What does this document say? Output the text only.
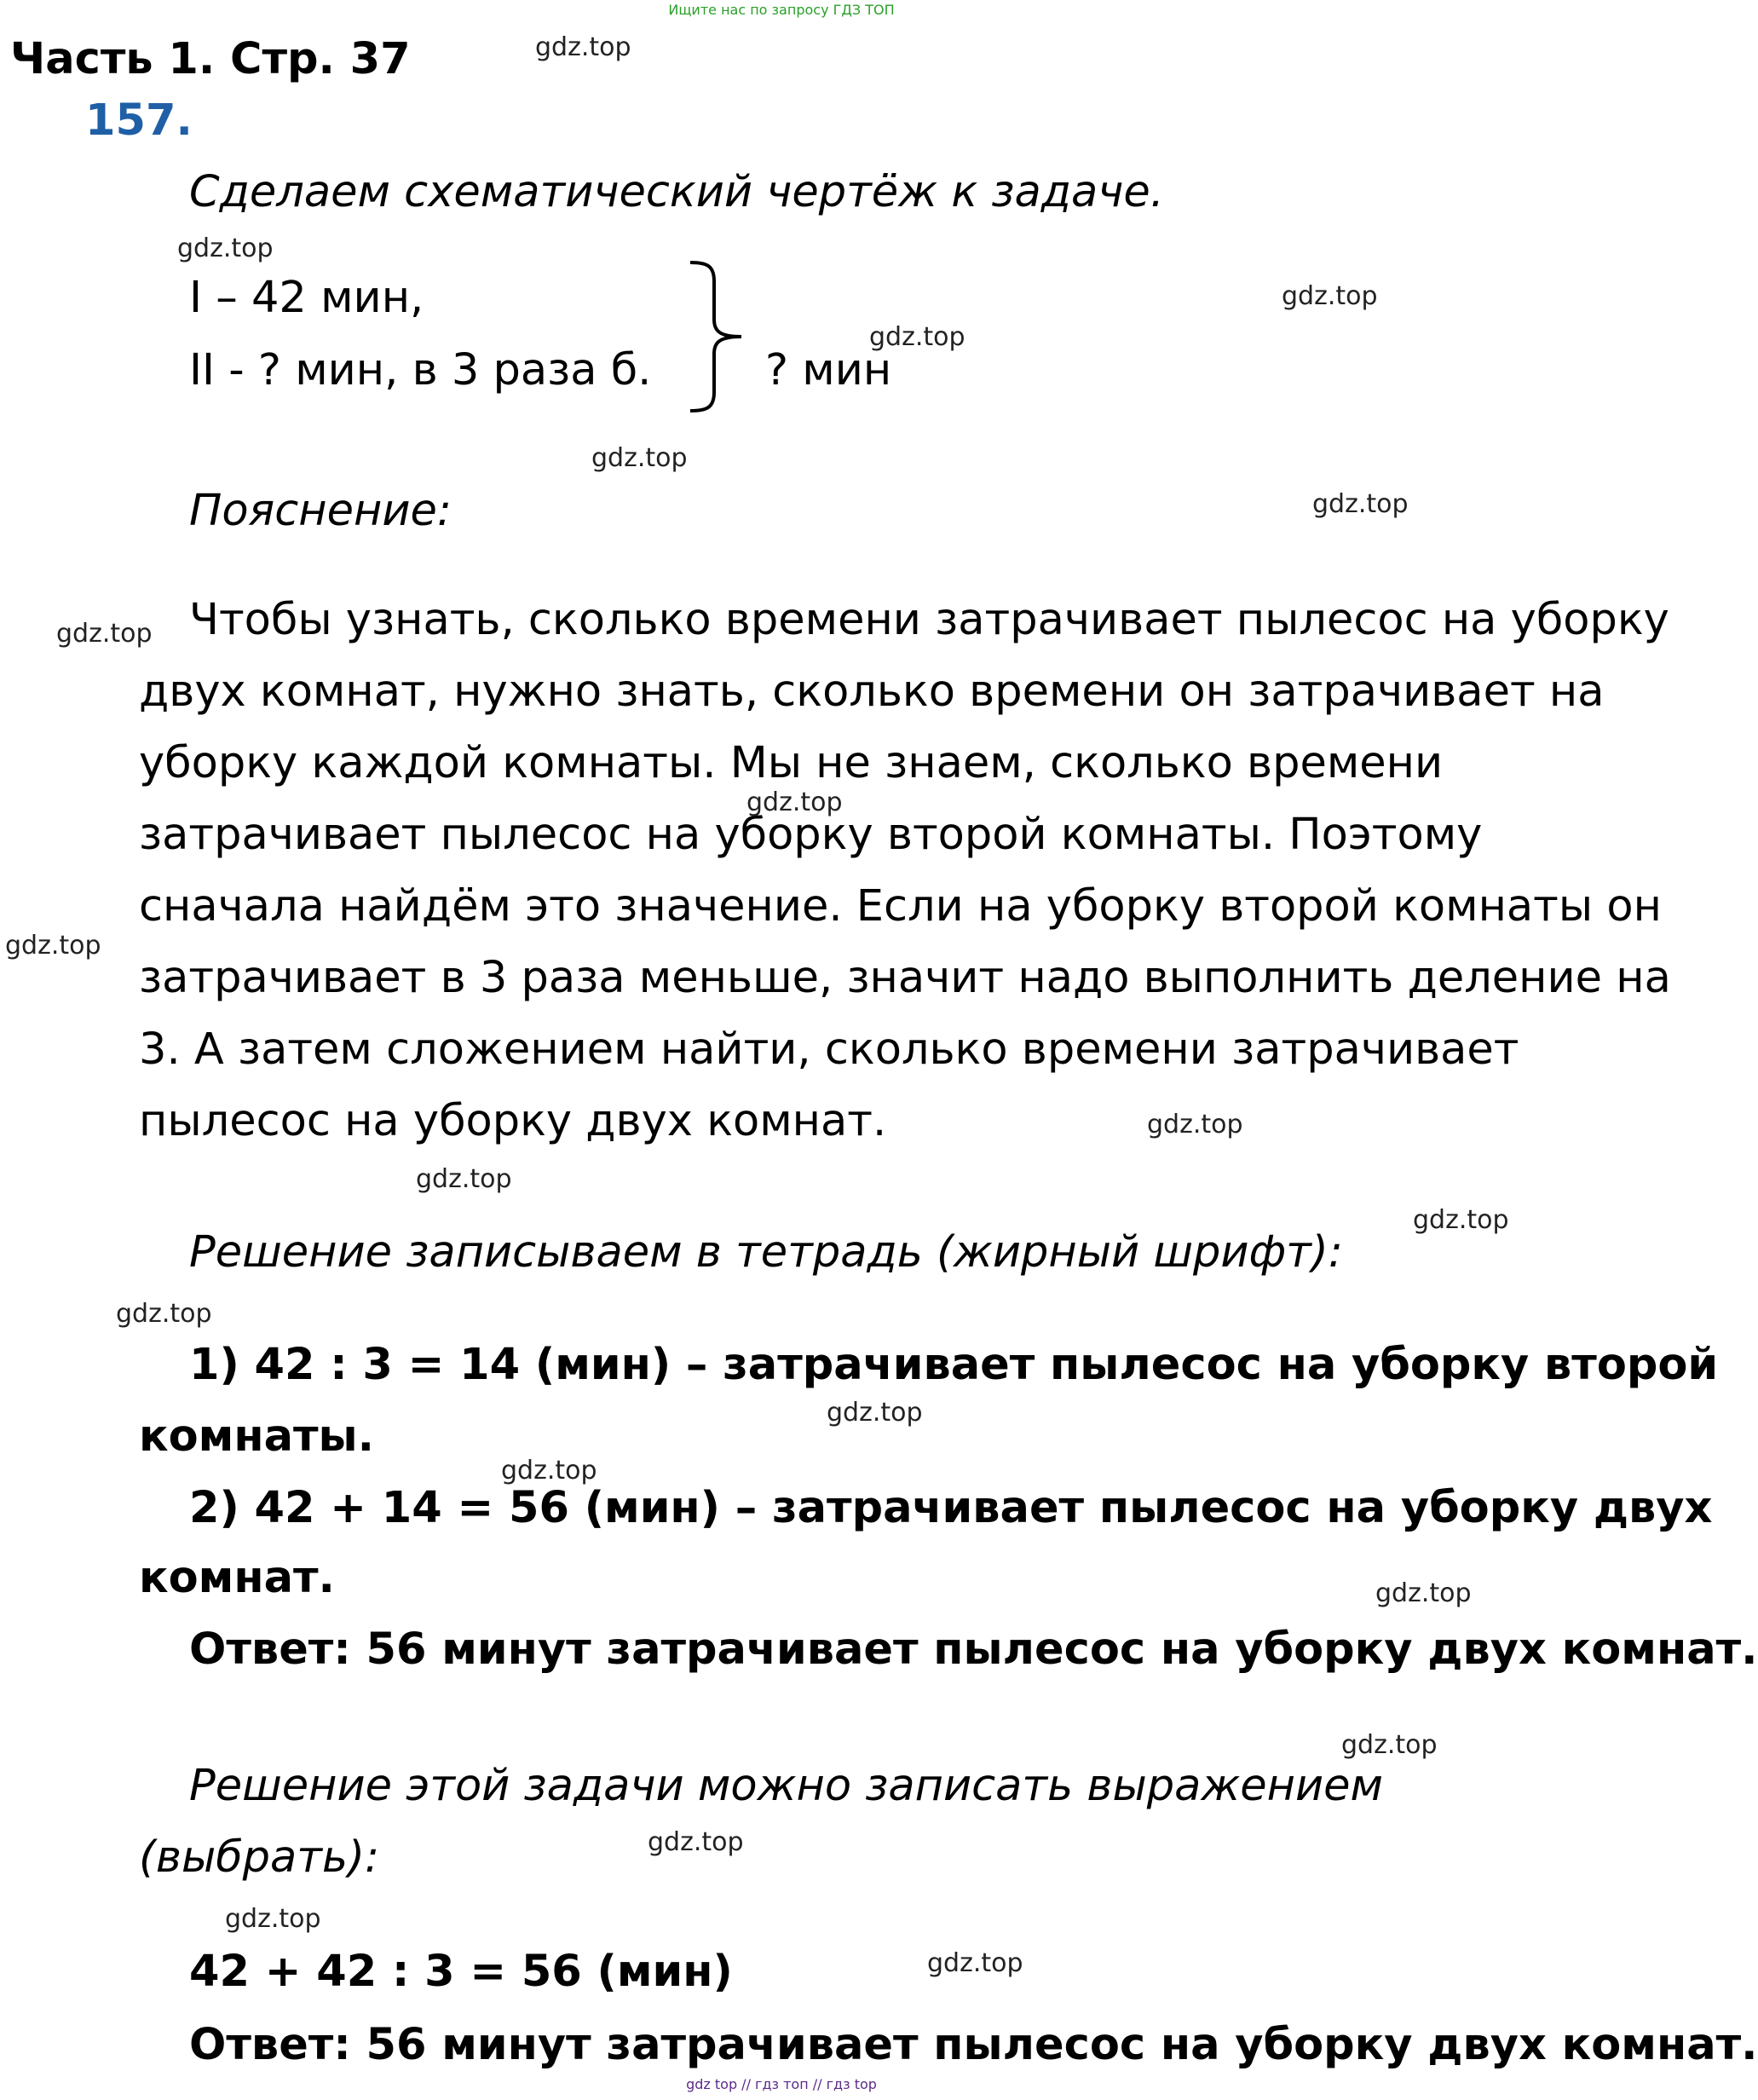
Ищите нас по запросу ГДЗ ТОП
Часть 1. Стр. 37
157.
Сделаем схематический чертёж к задаче.
I – 42 мин,
II - ? мин, в 3 раза б.	? мин
Пояснение:
Чтобы узнать, сколько времени затрачивает пылесос на уборку
двух комнат, нужно знать, сколько времени он затрачивает на
уборку каждой комнаты. Мы не знаем, сколько времени
затрачивает пылесос на уборку второй комнаты. Поэтому
сначала найдём это значение. Если на уборку второй комнаты он
затрачивает в 3 раза меньше, значит надо выполнить деление на
3. А затем сложением найти, сколько времени затрачивает
пылесос на уборку двух комнат.
Решение записываем в тетрадь (жирный шрифт):
1) 42 : 3 = 14 (мин) – затрачивает пылесос на уборку второй
комнаты.
2) 42 + 14 = 56 (мин) – затрачивает пылесос на уборку двух
комнат.
Ответ: 56 минут затрачивает пылесос на уборку двух комнат.
Решение этой задачи можно записать выражением
(выбрать):
42 + 42 : 3 = 56 (мин)
Ответ: 56 минут затрачивает пылесос на уборку двух комнат.
gdz.top
gdz.top
gdz.top
gdz.top
gdz.top
gdz.top
gdz.top
gdz.top
gdz.top
gdz.top
gdz.top
gdz.top
gdz.top
gdz.top
gdz.top
gdz.top
gdz.top
gdz.top
gdz.top
gdz.top
gdz top // гдз топ // гдз top
